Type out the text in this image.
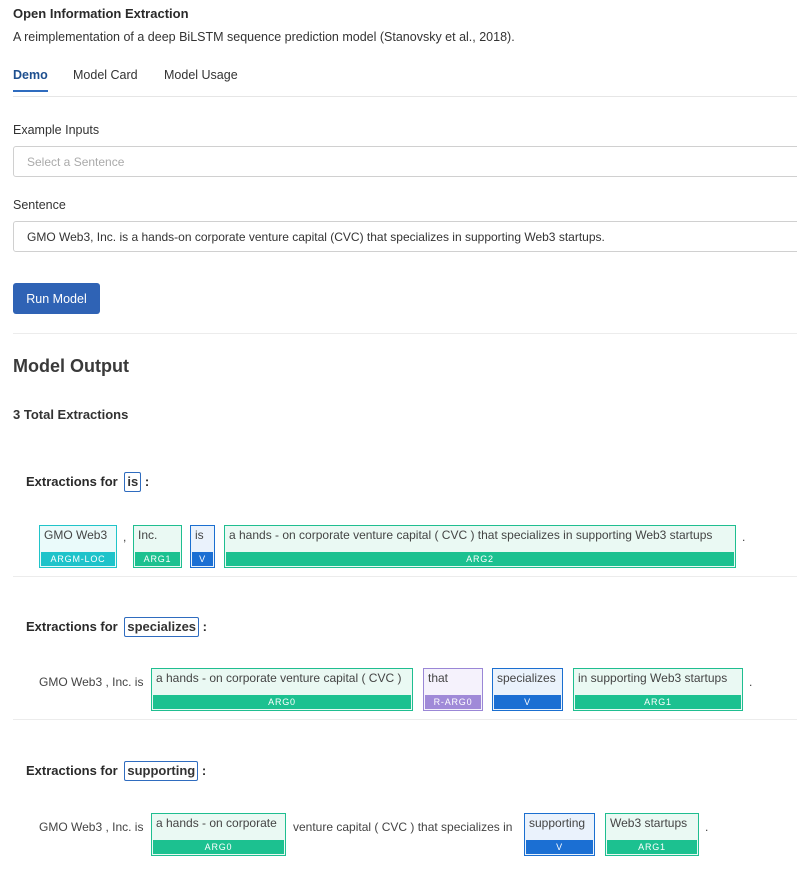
Open Information Extraction
A reimplementation of a deep BiLSTM sequence prediction model (Stanovsky et al., 2018).
Demo Model Card Model Usage
Example Inputs
Select a Sentence
Sentence
GMO Web3, Inc. is a hands-on corporate venture capital (CVC) that specializes in supporting Web3 startups.
Run Model
Model Output
3 Total Extractions
Extractions for is :
GMO Web3
ARGM-LOC
, Inc.
ARG1
is
V
a hands - on corporate venture capital ( CVC ) that specializes in supporting Web3 startups
ARG2
.
Extractions for specializes :
GMO Web3 , Inc. is a hands - on corporate venture capital ( CVC )
ARG0
that
R-ARG0
specializes
V
in supporting Web3 startups
ARG1
.
Extractions for supporting :
GMO Web3 , Inc. is a hands - on corporate
ARG0
venture capital ( CVC ) that specializes in supporting
V
Web3 startups
ARG1
.
